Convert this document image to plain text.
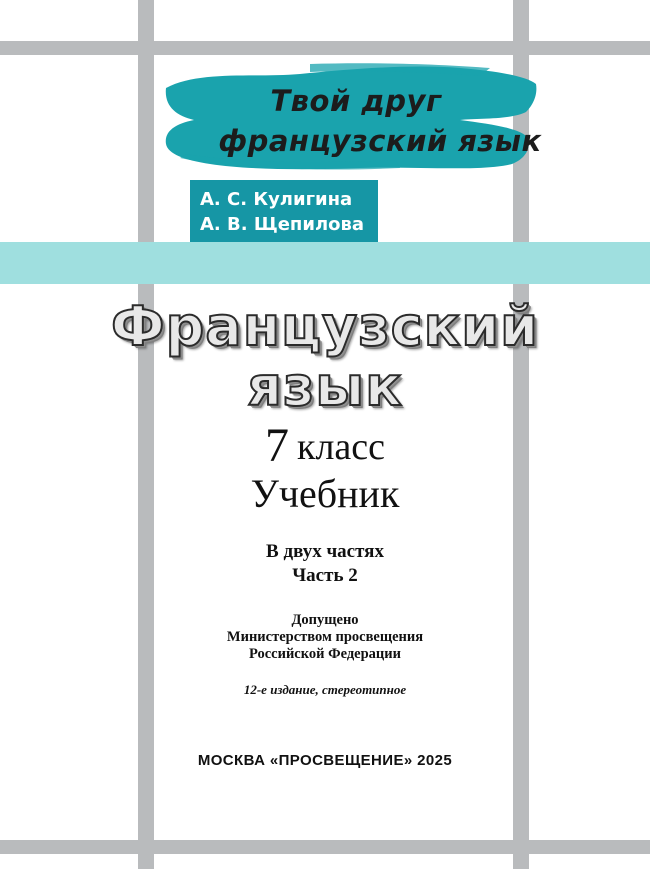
Твой друг
французский язык
А. С. Кулигина
А. В. Щепилова
Французский
язык
7 класс
Учебник
В двух частях
Часть 2
Допущено
Министерством просвещения
Российской Федерации
12-е издание, стереотипное
МОСКВА «ПРОСВЕЩЕНИЕ» 2025
